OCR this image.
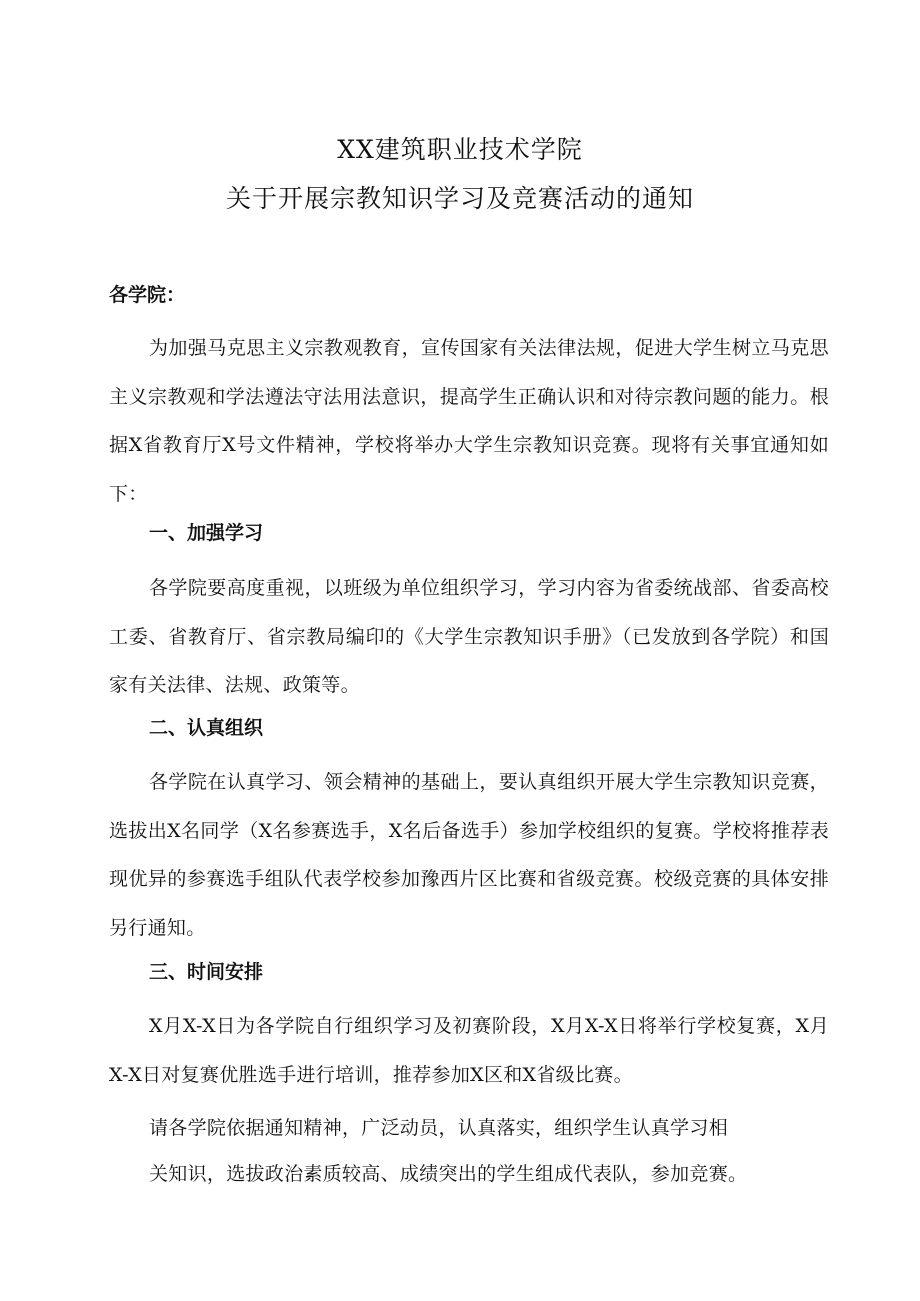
XX建筑职业技术学院
关于开展宗教知识学习及竞赛活动的通知
各学院：
为加强马克思主义宗教观教育，宣传国家有关法律法规，促进大学生树立马克思主义宗教观和学法遵法守法用法意识，提高学生正确认识和对待宗教问题的能力。根据X省教育厅X号文件精神，学校将举办大学生宗教知识竞赛。现将有关事宜通知如下：
一、加强学习
各学院要高度重视，以班级为单位组织学习，学习内容为省委统战部、省委高校工委、省教育厅、省宗教局编印的《大学生宗教知识手册》（已发放到各学院）和国家有关法律、法规、政策等。
二、认真组织
各学院在认真学习、领会精神的基础上，要认真组织开展大学生宗教知识竞赛，选拔出X名同学（X名参赛选手，X名后备选手）参加学校组织的复赛。学校将推荐表现优异的参赛选手组队代表学校参加豫西片区比赛和省级竞赛。校级竞赛的具体安排另行通知。
三、时间安排
X月X-X日为各学院自行组织学习及初赛阶段，X月X-X日将举行学校复赛，X月X-X日对复赛优胜选手进行培训，推荐参加X区和X省级比赛。
请各学院依据通知精神，广泛动员，认真落实，组织学生认真学习相
关知识，选拔政治素质较高、成绩突出的学生组成代表队，参加竞赛。
